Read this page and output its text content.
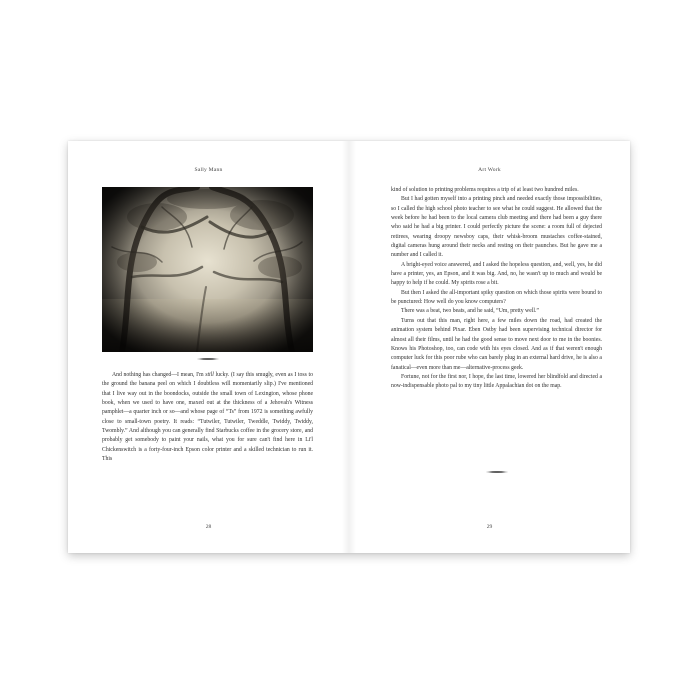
Sally Mann

And nothing has changed—I mean, I'm still lucky. (I say this smugly, even as I toss to the ground the banana peel on which I doubtless will momentarily slip.) I've mentioned that I live way out in the boondocks, outside the small town of Lexington, whose phone book, when we used to have one, maxed out at the thickness of a Jehovah's Witness pamphlet—a quarter inch or so—and whose page of “Ts” from 1972 is something awfully close to small-town poetry. It reads: “Tutwiler, Tutwiler, Tweddle, Twiddy, Twiddy, Twombly.” And although you can generally find Starbucks coffee in the grocery store, and probably get somebody to paint your nails, what you for sure can't find here in Li'l Chickenswitch is a forty-four-inch Epson color printer and a skilled technician to run it. This

28
Art Work

kind of solution to printing problems requires a trip of at least two hundred miles.

But I had gotten myself into a printing pinch and needed exactly those impossibilities, so I called the high school photo teacher to see what he could suggest. He allowed that the week before he had been to the local camera club meeting and there had been a guy there who said he had a big printer. I could perfectly picture the scene: a room full of dejected retirees, wearing droopy newsboy caps, their whisk-broom mustaches coffee-stained, digital cameras hung around their necks and resting on their paunches. But he gave me a number and I called it.

A bright-eyed voice answered, and I asked the hopeless question, and, well, yes, he did have a printer, yes, an Epson, and it was big. And, no, he wasn't up to much and would be happy to help if he could. My spirits rose a bit.

But then I asked the all-important spiky question on which those spirits were bound to be punctured: How well do you know computers?

There was a beat, two beats, and he said, “Um, pretty well.”

Turns out that this man, right here, a few miles down the road, had created the animation system behind Pixar. Eben Ostby had been supervising technical director for almost all their films, until he had the good sense to move next door to me in the boonies. Knows his Photoshop, too, can code with his eyes closed. And as if that weren't enough computer luck for this poor rube who can barely plug in an external hard drive, he is also a fanatical—even more than me—alternative-process geek.

Fortune, not for the first nor, I hope, the last time, lowered her blindfold and directed a now-indispensable photo pal to my tiny little Appalachian dot on the map.

29
